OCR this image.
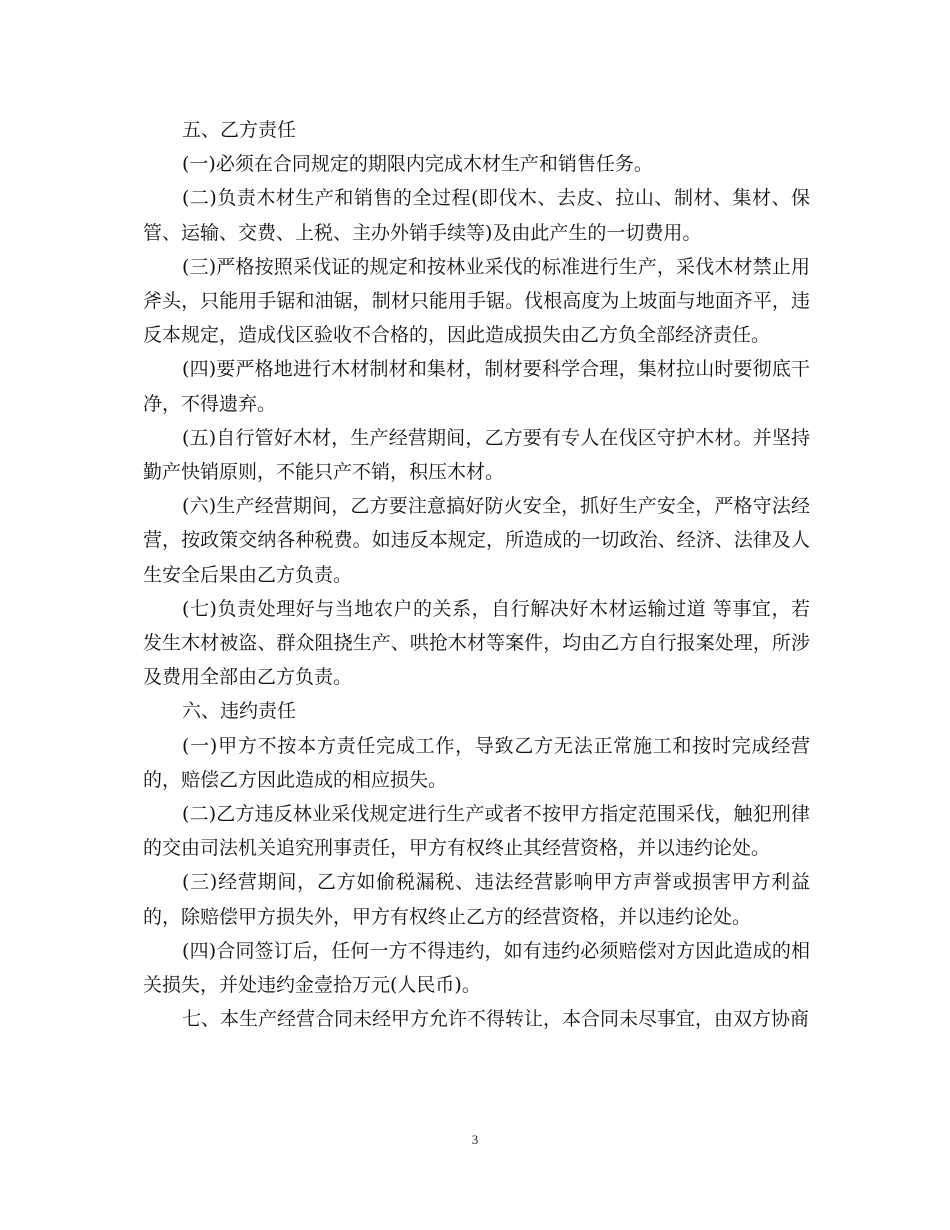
五、乙方责任

(一)必须在合同规定的期限内完成木材生产和销售任务。

(二)负责木材生产和销售的全过程(即伐木、去皮、拉山、制材、集材、保管、运输、交费、上税、主办外销手续等)及由此产生的一切费用。

(三)严格按照采伐证的规定和按林业采伐的标准进行生产，采伐木材禁止用斧头，只能用手锯和油锯，制材只能用手锯。伐根高度为上坡面与地面齐平，违反本规定，造成伐区验收不合格的，因此造成损失由乙方负全部经济责任。

(四)要严格地进行木材制材和集材，制材要科学合理，集材拉山时要彻底干净，不得遗弃。

(五)自行管好木材，生产经营期间，乙方要有专人在伐区守护木材。并坚持勤产快销原则，不能只产不销，积压木材。

(六)生产经营期间，乙方要注意搞好防火安全，抓好生产安全，严格守法经营，按政策交纳各种税费。如违反本规定，所造成的一切政治、经济、法律及人生安全后果由乙方负责。

(七)负责处理好与当地农户的关系，自行解决好木材运输过道 等事宜，若发生木材被盗、群众阻挠生产、哄抢木材等案件，均由乙方自行报案处理，所涉及费用全部由乙方负责。

六、违约责任

(一)甲方不按本方责任完成工作，导致乙方无法正常施工和按时完成经营的，赔偿乙方因此造成的相应损失。

(二)乙方违反林业采伐规定进行生产或者不按甲方指定范围采伐，触犯刑律的交由司法机关追究刑事责任，甲方有权终止其经营资格，并以违约论处。

(三)经营期间，乙方如偷税漏税、违法经营影响甲方声誉或损害甲方利益的，除赔偿甲方损失外，甲方有权终止乙方的经营资格，并以违约论处。

(四)合同签订后，任何一方不得违约，如有违约必须赔偿对方因此造成的相关损失，并处违约金壹拾万元(人民币)。

七、本生产经营合同未经甲方允许不得转让，本合同未尽事宜，由双方协商

3
